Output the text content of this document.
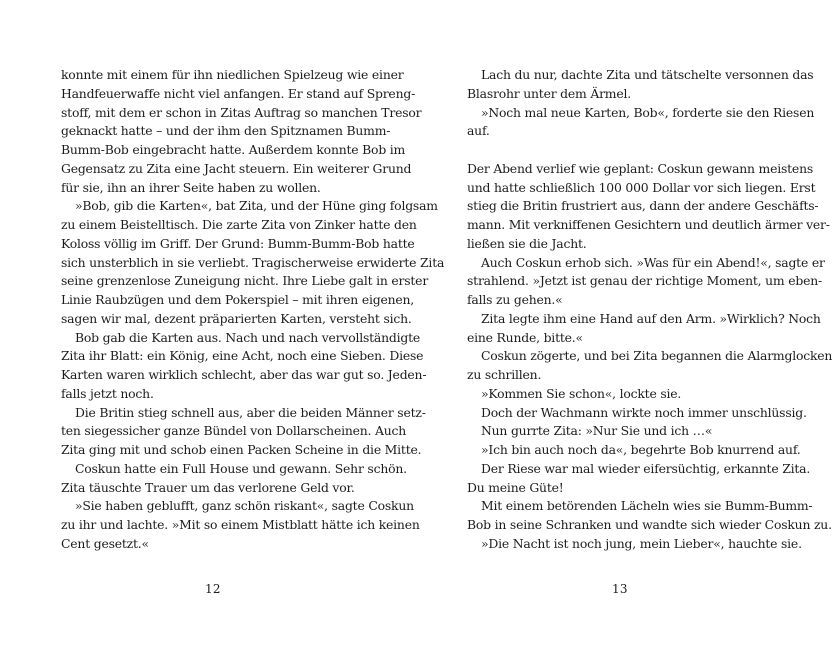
konnte mit einem für ihn niedlichen Spielzeug wie einer
Handfeuerwaffe nicht viel anfangen. Er stand auf Spreng-
stoff, mit dem er schon in Zitas Auftrag so manchen Tresor
geknackt hatte – und der ihm den Spitznamen Bumm-
Bumm-Bob eingebracht hatte. Außerdem konnte Bob im
Gegensatz zu Zita eine Jacht steuern. Ein weiterer Grund
für sie, ihn an ihrer Seite haben zu wollen.
»Bob, gib die Karten«, bat Zita, und der Hüne ging folgsam
zu einem Beistelltisch. Die zarte Zita von Zinker hatte den
Koloss völlig im Griff. Der Grund: Bumm-Bumm-Bob hatte
sich unsterblich in sie verliebt. Tragischerweise erwiderte Zita
seine grenzenlose Zuneigung nicht. Ihre Liebe galt in erster
Linie Raubzügen und dem Pokerspiel – mit ihren eigenen,
sagen wir mal, dezent präparierten Karten, versteht sich.
Bob gab die Karten aus. Nach und nach vervollständigte
Zita ihr Blatt: ein König, eine Acht, noch eine Sieben. Diese
Karten waren wirklich schlecht, aber das war gut so. Jeden-
falls jetzt noch.
Die Britin stieg schnell aus, aber die beiden Männer setz-
ten siegessicher ganze Bündel von Dollarscheinen. Auch
Zita ging mit und schob einen Packen Scheine in die Mitte.
Coskun hatte ein Full House und gewann. Sehr schön.
Zita täuschte Trauer um das verlorene Geld vor.
»Sie haben geblufft, ganz schön riskant«, sagte Coskun
zu ihr und lachte. »Mit so einem Mistblatt hätte ich keinen
Cent gesetzt.«
Lach du nur, dachte Zita und tätschelte versonnen das
Blasrohr unter dem Ärmel.
»Noch mal neue Karten, Bob«, forderte sie den Riesen
auf.
Der Abend verlief wie geplant: Coskun gewann meistens
und hatte schließlich 100 000 Dollar vor sich liegen. Erst
stieg die Britin frustriert aus, dann der andere Geschäfts-
mann. Mit verkniffenen Gesichtern und deutlich ärmer ver-
ließen sie die Jacht.
Auch Coskun erhob sich. »Was für ein Abend!«, sagte er
strahlend. »Jetzt ist genau der richtige Moment, um eben-
falls zu gehen.«
Zita legte ihm eine Hand auf den Arm. »Wirklich? Noch
eine Runde, bitte.«
Coskun zögerte, und bei Zita begannen die Alarmglocken
zu schrillen.
»Kommen Sie schon«, lockte sie.
Doch der Wachmann wirkte noch immer unschlüssig.
Nun gurrte Zita: »Nur Sie und ich …«
»Ich bin auch noch da«, begehrte Bob knurrend auf.
Der Riese war mal wieder eifersüchtig, erkannte Zita.
Du meine Güte!
Mit einem betörenden Lächeln wies sie Bumm-Bumm-
Bob in seine Schranken und wandte sich wieder Coskun zu.
»Die Nacht ist noch jung, mein Lieber«, hauchte sie.
12	13
